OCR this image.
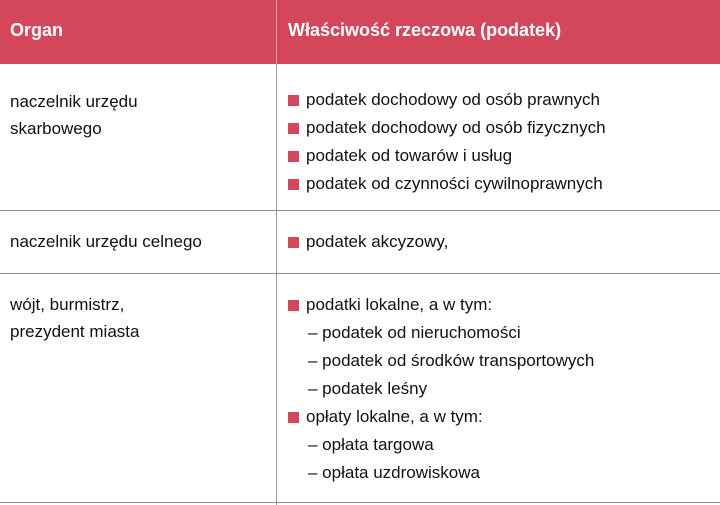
Organ	Właściwość rzeczowa (podatek)
naczelnik urzędu
skarbowego
podatek dochodowy od osób prawnych
podatek dochodowy od osób fizycznych
podatek od towarów i usług
podatek od czynności cywilnoprawnych
naczelnik urzędu celnego	podatek akcyzowy,
wójt, burmistrz,
prezydent miasta
podatki lokalne, a w tym:
– podatek od nieruchomości
– podatek od środków transportowych
– podatek leśny
opłaty lokalne, a w tym:
– opłata targowa
– opłata uzdrowiskowa
